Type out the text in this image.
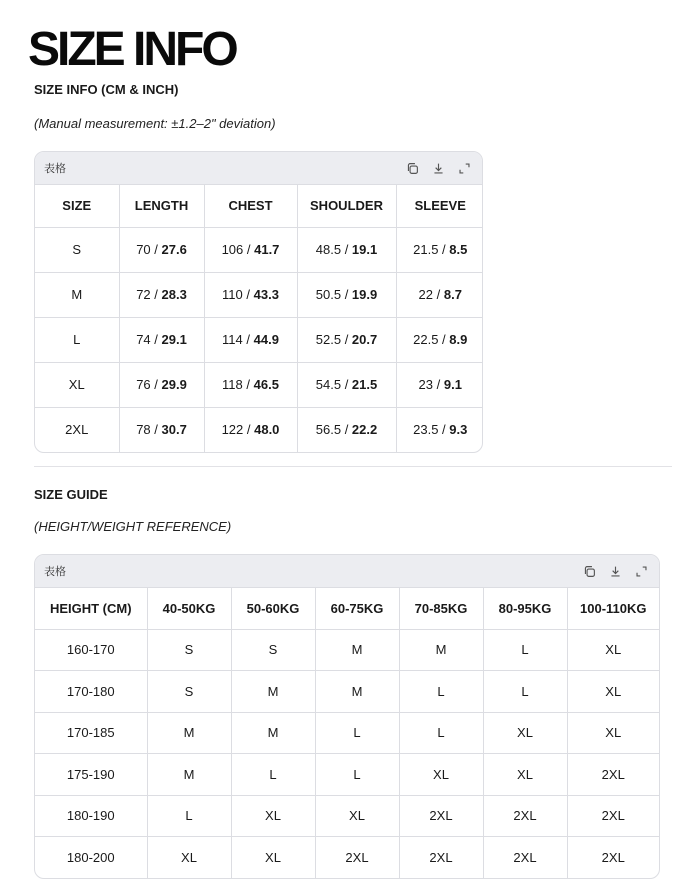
SIZE INFO
SIZE INFO (CM & INCH)
(Manual measurement: ±1.2–2" deviation)
表格
SIZE	LENGTH	CHEST	SHOULDER	SLEEVE
S	70 / 27.6	106 / 41.7	48.5 / 19.1	21.5 / 8.5
M	72 / 28.3	110 / 43.3	50.5 / 19.9	22 / 8.7
L	74 / 29.1	114 / 44.9	52.5 / 20.7	22.5 / 8.9
XL	76 / 29.9	118 / 46.5	54.5 / 21.5	23 / 9.1
2XL	78 / 30.7	122 / 48.0	56.5 / 22.2	23.5 / 9.3
SIZE GUIDE
(HEIGHT/WEIGHT REFERENCE)
表格
HEIGHT (CM)	40-50KG	50-60KG	60-75KG	70-85KG	80-95KG	100-110KG
160-170	S	S	M	M	L	XL
170-180	S	M	M	L	L	XL
170-185	M	M	L	L	XL	XL
175-190	M	L	L	XL	XL	2XL
180-190	L	XL	XL	2XL	2XL	2XL
180-200	XL	XL	2XL	2XL	2XL	2XL
